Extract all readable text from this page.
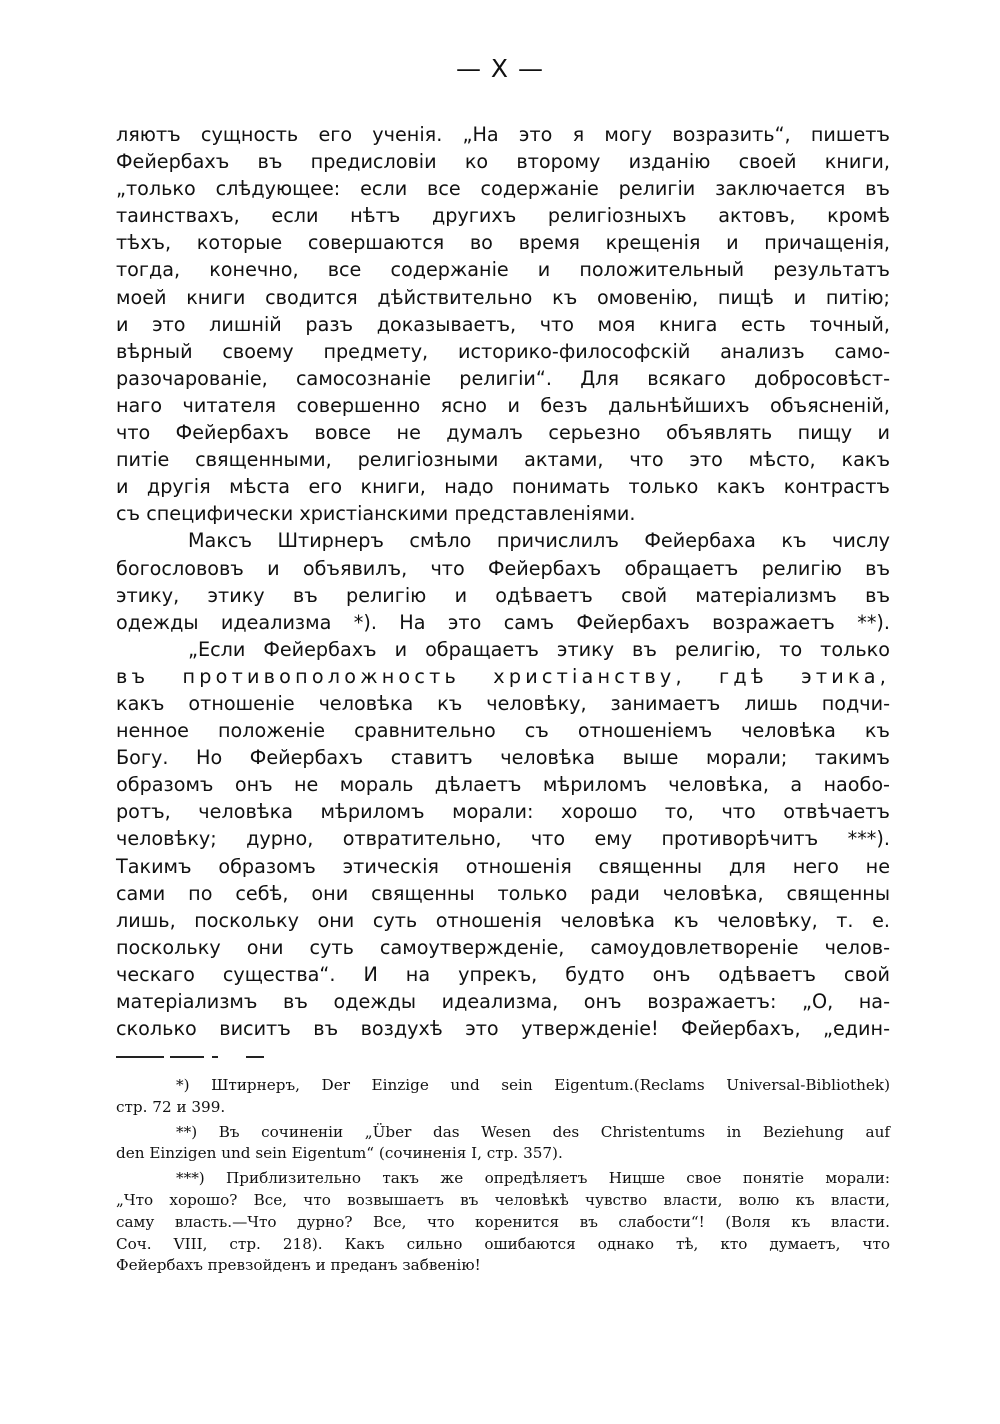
— X —
ляютъ сущность его ученія. „На это я могу возразить“, пишетъ
Фейербахъ въ предисловіи ко второму изданію своей книги,
„только слѣдующее: если все содержаніе религіи заключается въ
таинствахъ, если нѣтъ другихъ религіозныхъ актовъ, кромѣ
тѣхъ, которые совершаются во время крещенія и причащенія,
тогда, конечно, все содержаніе и положительный результатъ
моей книги сводится дѣйствительно къ омовенію, пищѣ и питію;
и это лишній разъ доказываетъ, что моя книга есть точный,
вѣрный своему предмету, историко-философскій анализъ само-
разочарованіе, самосознаніе религіи“. Для всякаго добросовѣст-
наго читателя совершенно ясно и безъ дальнѣйшихъ объясненій,
что Фейербахъ вовсе не думалъ серьезно объявлять пищу и
питіе священными, религіозными актами, что это мѣсто, какъ
и другія мѣста его книги, надо понимать только какъ контрастъ
съ специфически христіанскими представленіями.
Максъ Штирнеръ смѣло причислилъ Фейербаха къ числу
богослововъ и объявилъ, что Фейербахъ обращаетъ религію въ
этику, этику въ религію и одѣваетъ свой матеріализмъ въ
одежды идеализма *). На это самъ Фейербахъ возражаетъ **).
„Если Фейербахъ и обращаетъ этику въ религію, то только
въ противоположность христіанству, гдѣ этика,
какъ отношеніе человѣка къ человѣку, занимаетъ лишь подчи-
ненное положеніе сравнительно съ отношеніемъ человѣка къ
Богу. Но Фейербахъ ставитъ человѣка выше морали; такимъ
образомъ онъ не мораль дѣлаетъ мѣриломъ человѣка, а наобо-
ротъ, человѣка мѣриломъ морали: хорошо то, что отвѣчаетъ
человѣку; дурно, отвратительно, что ему противорѣчитъ ***).
Такимъ образомъ этическія отношенія священны для него не
сами по себѣ, они священны только ради человѣка, священны
лишь, поскольку они суть отношенія человѣка къ человѣку, т. е.
поскольку они суть самоутвержденіе, самоудовлетвореніе челов-
ческаго существа“. И на упрекъ, будто онъ одѣваетъ свой
матеріализмъ въ одежды идеализма, онъ возражаетъ: „О, на-
сколько виситъ въ воздухѣ это утвержденіе! Фейербахъ, „един-
*) Штирнеръ, Der Einzige und sein Eigentum.(Reclams Universal-Bibliothek)
стр. 72 и 399.
**) Въ сочиненіи „Über das Wesen des Christentums in Beziehung auf
den Einzigen und sein Eigentum“ (сочиненія I, стр. 357).
***) Приблизительно такъ же опредѣляетъ Ницше свое понятіе морали:
„Что хорошо? Все, что возвышаетъ въ человѣкѣ чувство власти, волю къ власти,
саму власть.—Что дурно? Все, что коренится въ слабости“! (Воля къ власти.
Соч. VIII, стр. 218). Какъ сильно ошибаются однако тѣ, кто думаетъ, что
Фейербахъ превзойденъ и преданъ забвенію!
